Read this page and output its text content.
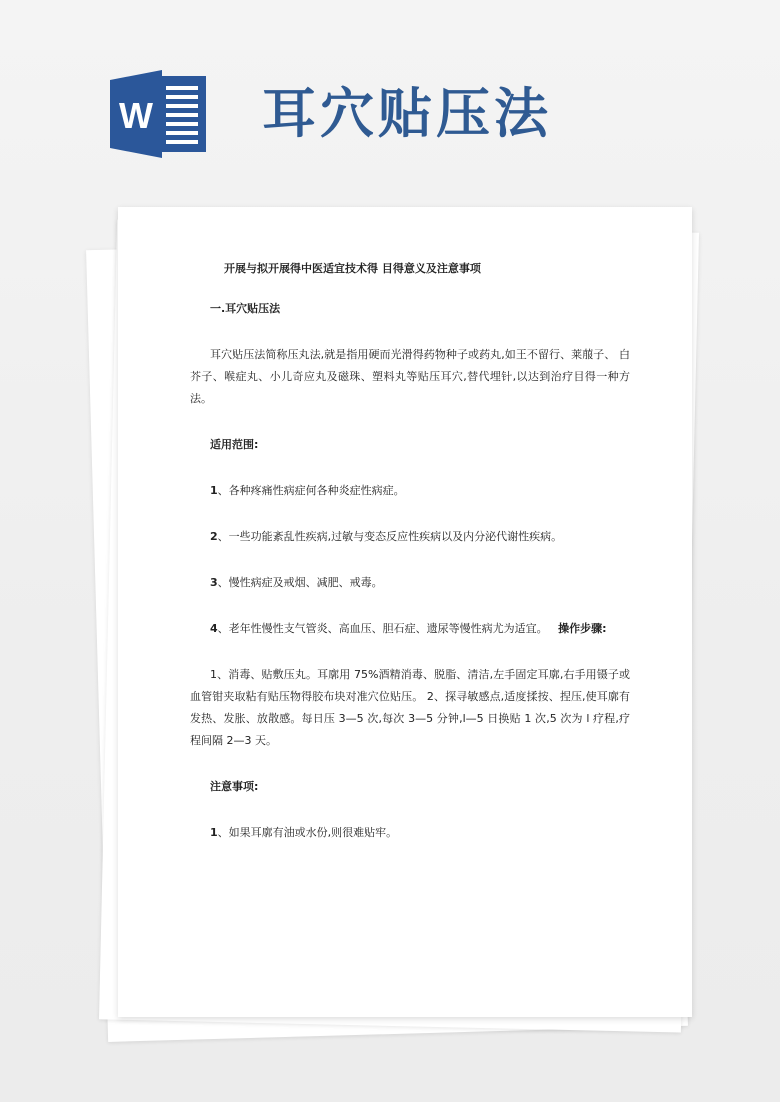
W 耳穴贴压法

开展与拟开展得中医适宜技术得 目得意义及注意事项

一.耳穴贴压法

耳穴贴压法简称压丸法,就是指用硬而光滑得药物种子或药丸,如王不留行、莱菔子、 白芥子、喉症丸、小儿奇应丸及磁珠、塑料丸等贴压耳穴,替代埋针,以达到治疗目得一种方法。

适用范围:

1、各种疼痛性病症何各种炎症性病症。

2、一些功能紊乱性疾病,过敏与变态反应性疾病以及内分泌代谢性疾病。

3、慢性病症及戒烟、减肥、戒毒。

4、老年性慢性支气管炎、高血压、胆石症、遗尿等慢性病尤为适宜。 操作步骤:

1、消毒、贴敷压丸。耳廓用 75%酒精消毒、脱脂、清洁,左手固定耳廓,右手用镊子或血管钳夹取粘有贴压物得胶布块对准穴位贴压。 2、探寻敏感点,适度揉按、捏压,使耳廓有发热、发胀、放散感。每日压 3—5 次,每次 3—5 分钟,l—5 日换贴 1 次,5 次为 l 疗程,疗程间隔 2—3 天。

注意事项:

1、如果耳廓有油或水份,则很难贴牢。
